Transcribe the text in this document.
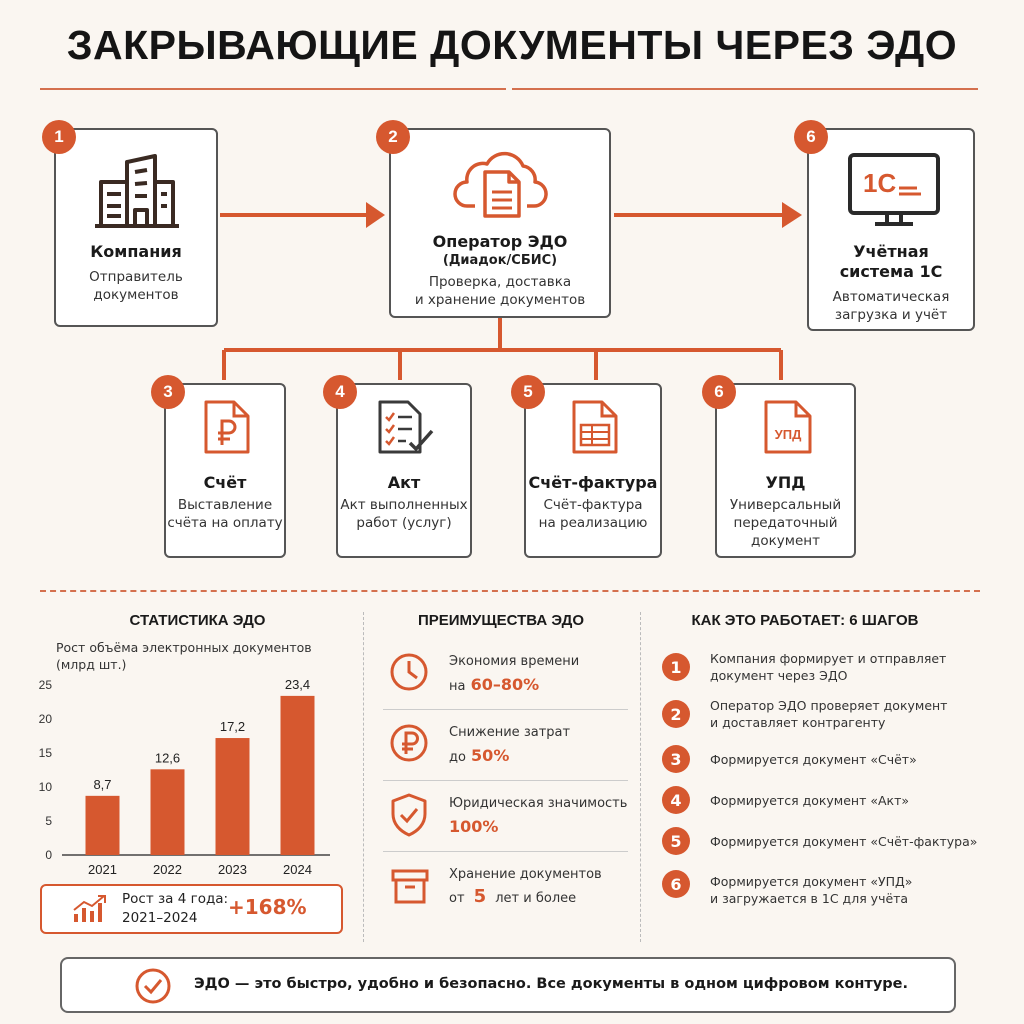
ЗАКРЫВАЮЩИЕ ДОКУМЕНТЫ ЧЕРЕЗ ЭДО
Компания
Отправитель
документов
1
Оператор ЭДО
(Диадок/СБИС)
Проверка, доставка
и хранение документов
2
1С
Учётная
система 1С
Автоматическая
загрузка и учёт
6
Счёт
Выставление
счёта на оплату
3
Акт
Акт выполненных
работ (услуг)
4
Счёт-фактура
Счёт-фактура
на реализацию
5
УПД
УПД
Универсальный
передаточный
документ
6
СТАТИСТИКА ЭДО
Рост объёма электронных документов
(млрд шт.)
0
5
10
15
20
25
8,7
12,6
17,2
23,4
2021	2022	2023	2024
Рост за 4 года:
2021–2024 +168%
ПРЕИМУЩЕСТВА ЭДО
Экономия времени
на 60–80%
Снижение затрат
до 50%
Юридическая значимость
100%
Хранение документов
от 5 лет и более
КАК ЭТО РАБОТАЕТ: 6 ШАГОВ
1	Компания формирует и отправляет
документ через ЭДО
2	Оператор ЭДО проверяет документ
и доставляет контрагенту
3	Формируется документ «Счёт»
4	Формируется документ «Акт»
5	Формируется документ «Счёт-фактура»
6	Формируется документ «УПД»
и загружается в 1С для учёта
ЭДО — это быстро, удобно и безопасно. Все документы в одном цифровом контуре.
